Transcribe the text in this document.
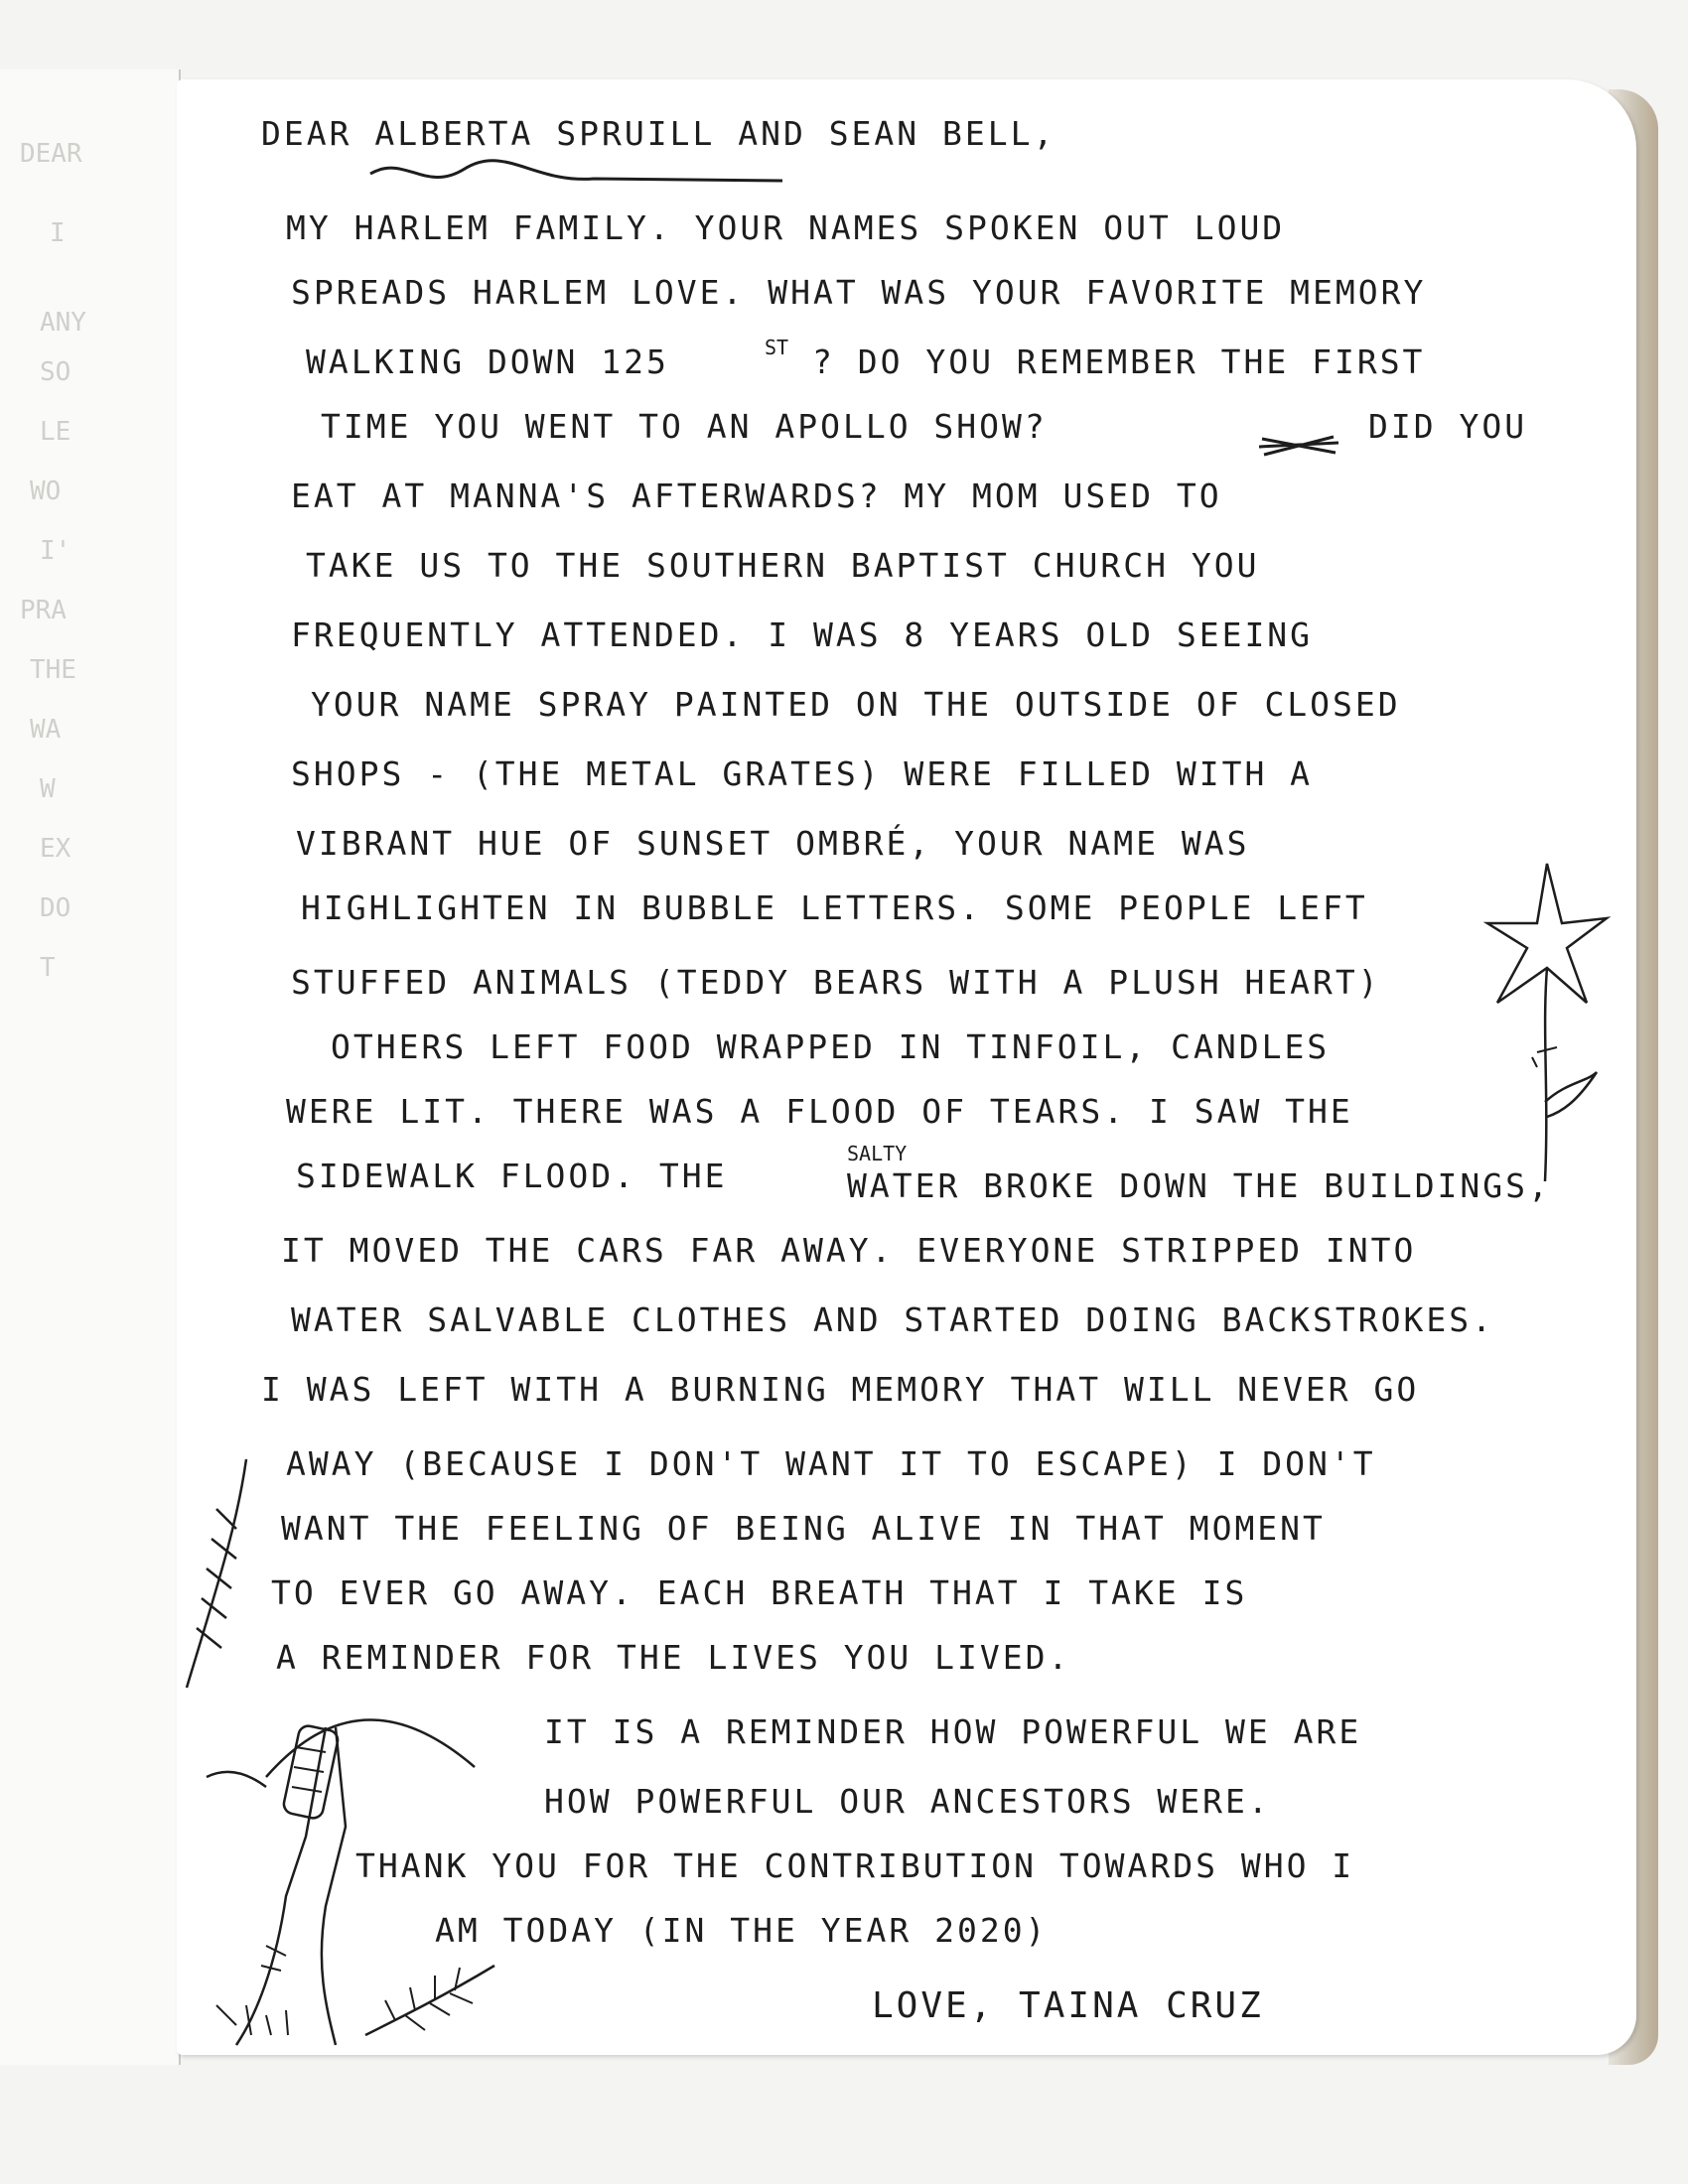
DEAR
I
ANY
SO
LE
WO
I'
PRA
THE
WA
W
EX
DO
T
DEAR ALBERTA SPRUILL AND SEAN BELL,
MY HARLEM FAMILY. YOUR NAMES SPOKEN OUT LOUD
SPREADS HARLEM LOVE. WHAT WAS YOUR FAVORITE MEMORY
WALKING DOWN 125	ST ? DO YOU REMEMBER THE FIRST
TIME YOU WENT TO AN APOLLO SHOW?	DID YOU
EAT AT MANNA'S AFTERWARDS? MY MOM USED TO
TAKE US TO THE SOUTHERN BAPTIST CHURCH YOU
FREQUENTLY ATTENDED. I WAS 8 YEARS OLD SEEING
YOUR NAME SPRAY PAINTED ON THE OUTSIDE OF CLOSED
SHOPS - (THE METAL GRATES) WERE FILLED WITH A
VIBRANT HUE OF SUNSET OMBRÉ, YOUR NAME WAS
HIGHLIGHTEN IN BUBBLE LETTERS. SOME PEOPLE LEFT
STUFFED ANIMALS (TEDDY BEARS WITH A PLUSH HEART)
OTHERS LEFT FOOD WRAPPED IN TINFOIL, CANDLES
WERE LIT. THERE WAS A FLOOD OF TEARS. I SAW THE
SIDEWALK FLOOD. THE
SALTY
WATER BROKE DOWN THE BUILDINGS,
IT MOVED THE CARS FAR AWAY. EVERYONE STRIPPED INTO
WATER SALVABLE CLOTHES AND STARTED DOING BACKSTROKES.
I WAS LEFT WITH A BURNING MEMORY THAT WILL NEVER GO
AWAY (BECAUSE I DON'T WANT IT TO ESCAPE) I DON'T
WANT THE FEELING OF BEING ALIVE IN THAT MOMENT
TO EVER GO AWAY. EACH BREATH THAT I TAKE IS
A REMINDER FOR THE LIVES YOU LIVED.
IT IS A REMINDER HOW POWERFUL WE ARE
HOW POWERFUL OUR ANCESTORS WERE.
THANK YOU FOR THE CONTRIBUTION TOWARDS WHO I
AM TODAY (IN THE YEAR 2020)
LOVE, TAINA CRUZ
